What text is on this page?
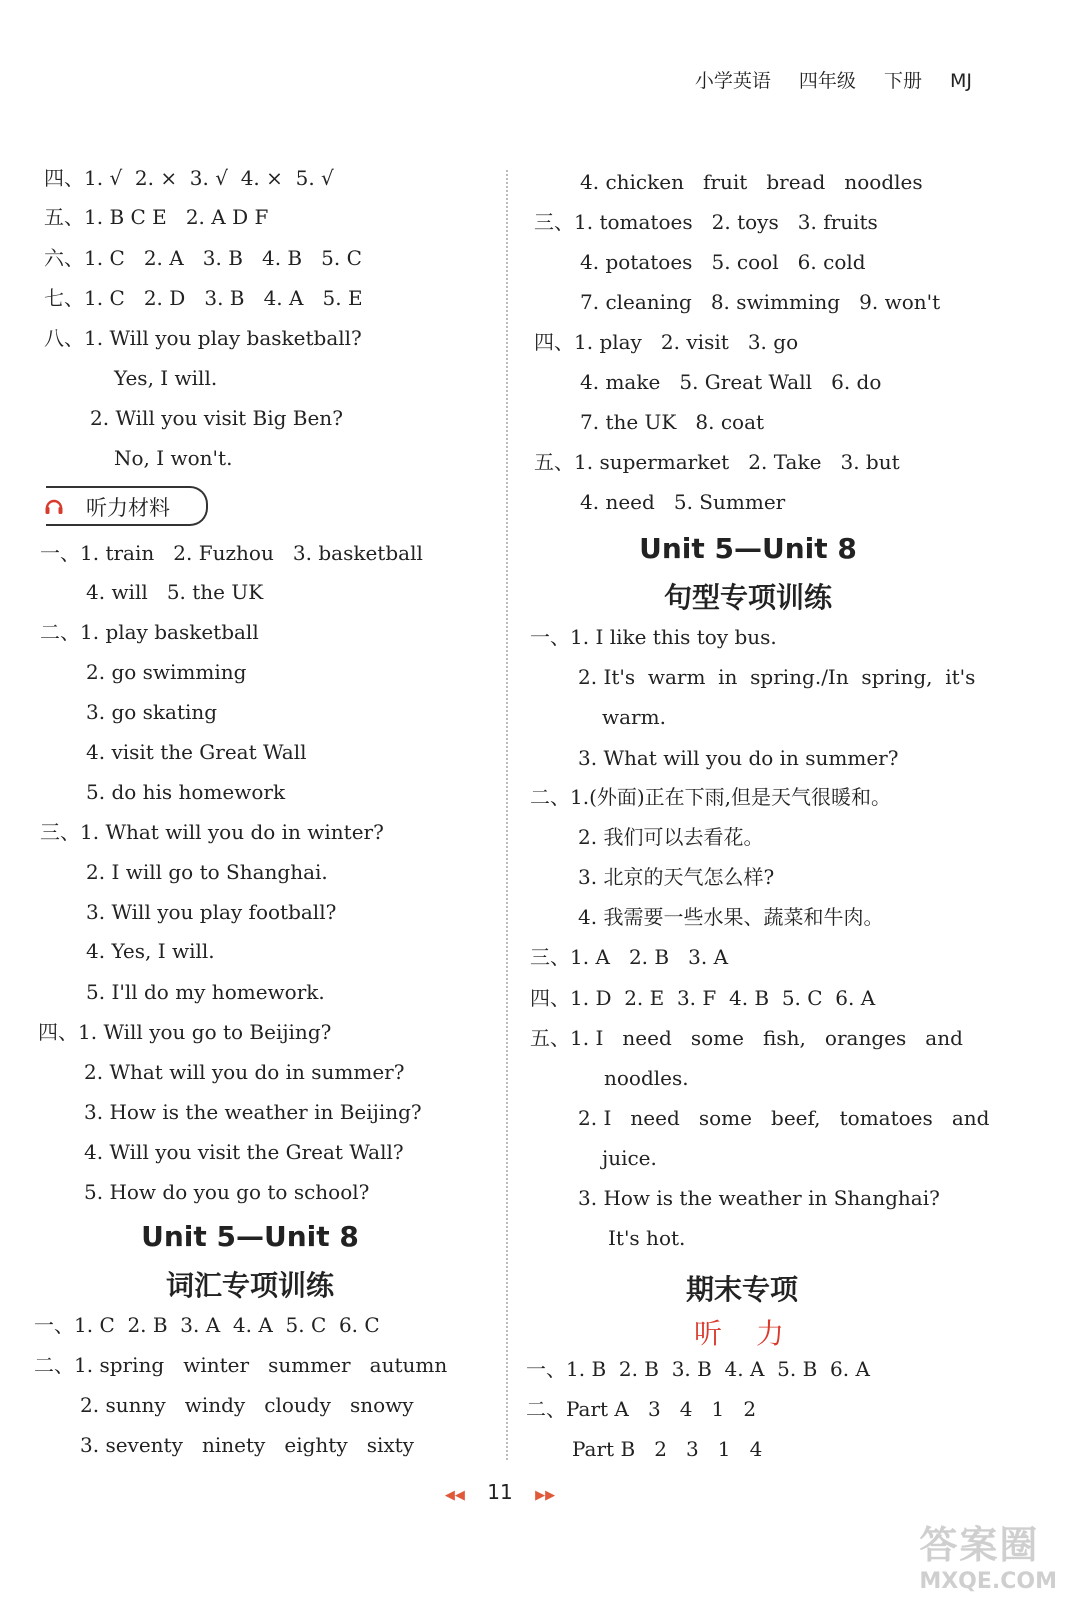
小学英语 四年级 下册 MJ
四、1. √  2. ×  3. √  4. ×  5. √
五、1. B C E   2. A D F
六、1. C   2. A   3. B   4. B   5. C
七、1. C   2. D   3. B   4. A   5. E
八、1. Will you play basketball?
Yes, I will.
2. Will you visit Big Ben?
No, I won't.
听力材料
一、1. train   2. Fuzhou   3. basketball
4. will   5. the UK
二、1. play basketball
2. go swimming
3. go skating
4. visit the Great Wall
5. do his homework
三、1. What will you do in winter?
2. I will go to Shanghai.
3. Will you play football?
4. Yes, I will.
5. I'll do my homework.
四、1. Will you go to Beijing?
2. What will you do in summer?
3. How is the weather in Beijing?
4. Will you visit the Great Wall?
5. How do you go to school?
Unit 5—Unit 8
词汇专项训练
一、1. C  2. B  3. A  4. A  5. C  6. C
二、1. spring   winter   summer   autumn
2. sunny   windy   cloudy   snowy
3. seventy   ninety   eighty   sixty
4. chicken   fruit   bread   noodles
三、1. tomatoes   2. toys   3. fruits
4. potatoes   5. cool   6. cold
7. cleaning   8. swimming   9. won't
四、1. play   2. visit   3. go
4. make   5. Great Wall   6. do
7. the UK   8. coat
五、1. supermarket   2. Take   3. but
4. need   5. Summer
Unit 5—Unit 8
句型专项训练
一、1. I like this toy bus.
2. It's  warm  in  spring./In  spring,  it's
warm.
3. What will you do in summer?
二、1.(外面)正在下雨,但是天气很暖和。
2. 我们可以去看花。
3. 北京的天气怎么样?
4. 我需要一些水果、蔬菜和牛肉。
三、1. A   2. B   3. A
四、1. D  2. E  3. F  4. B  5. C  6. A
五、1. I   need   some   fish,   oranges   and
noodles.
2. I   need   some   beef,   tomatoes   and
juice.
3. How is the weather in Shanghai?
It's hot.
期末专项
听力
一、1. B  2. B  3. B  4. A  5. B  6. A
二、Part A   3   4   1   2
Part B   2   3   1   4
◀◀ 11 ▶▶
答案圈
MXQE.COM
